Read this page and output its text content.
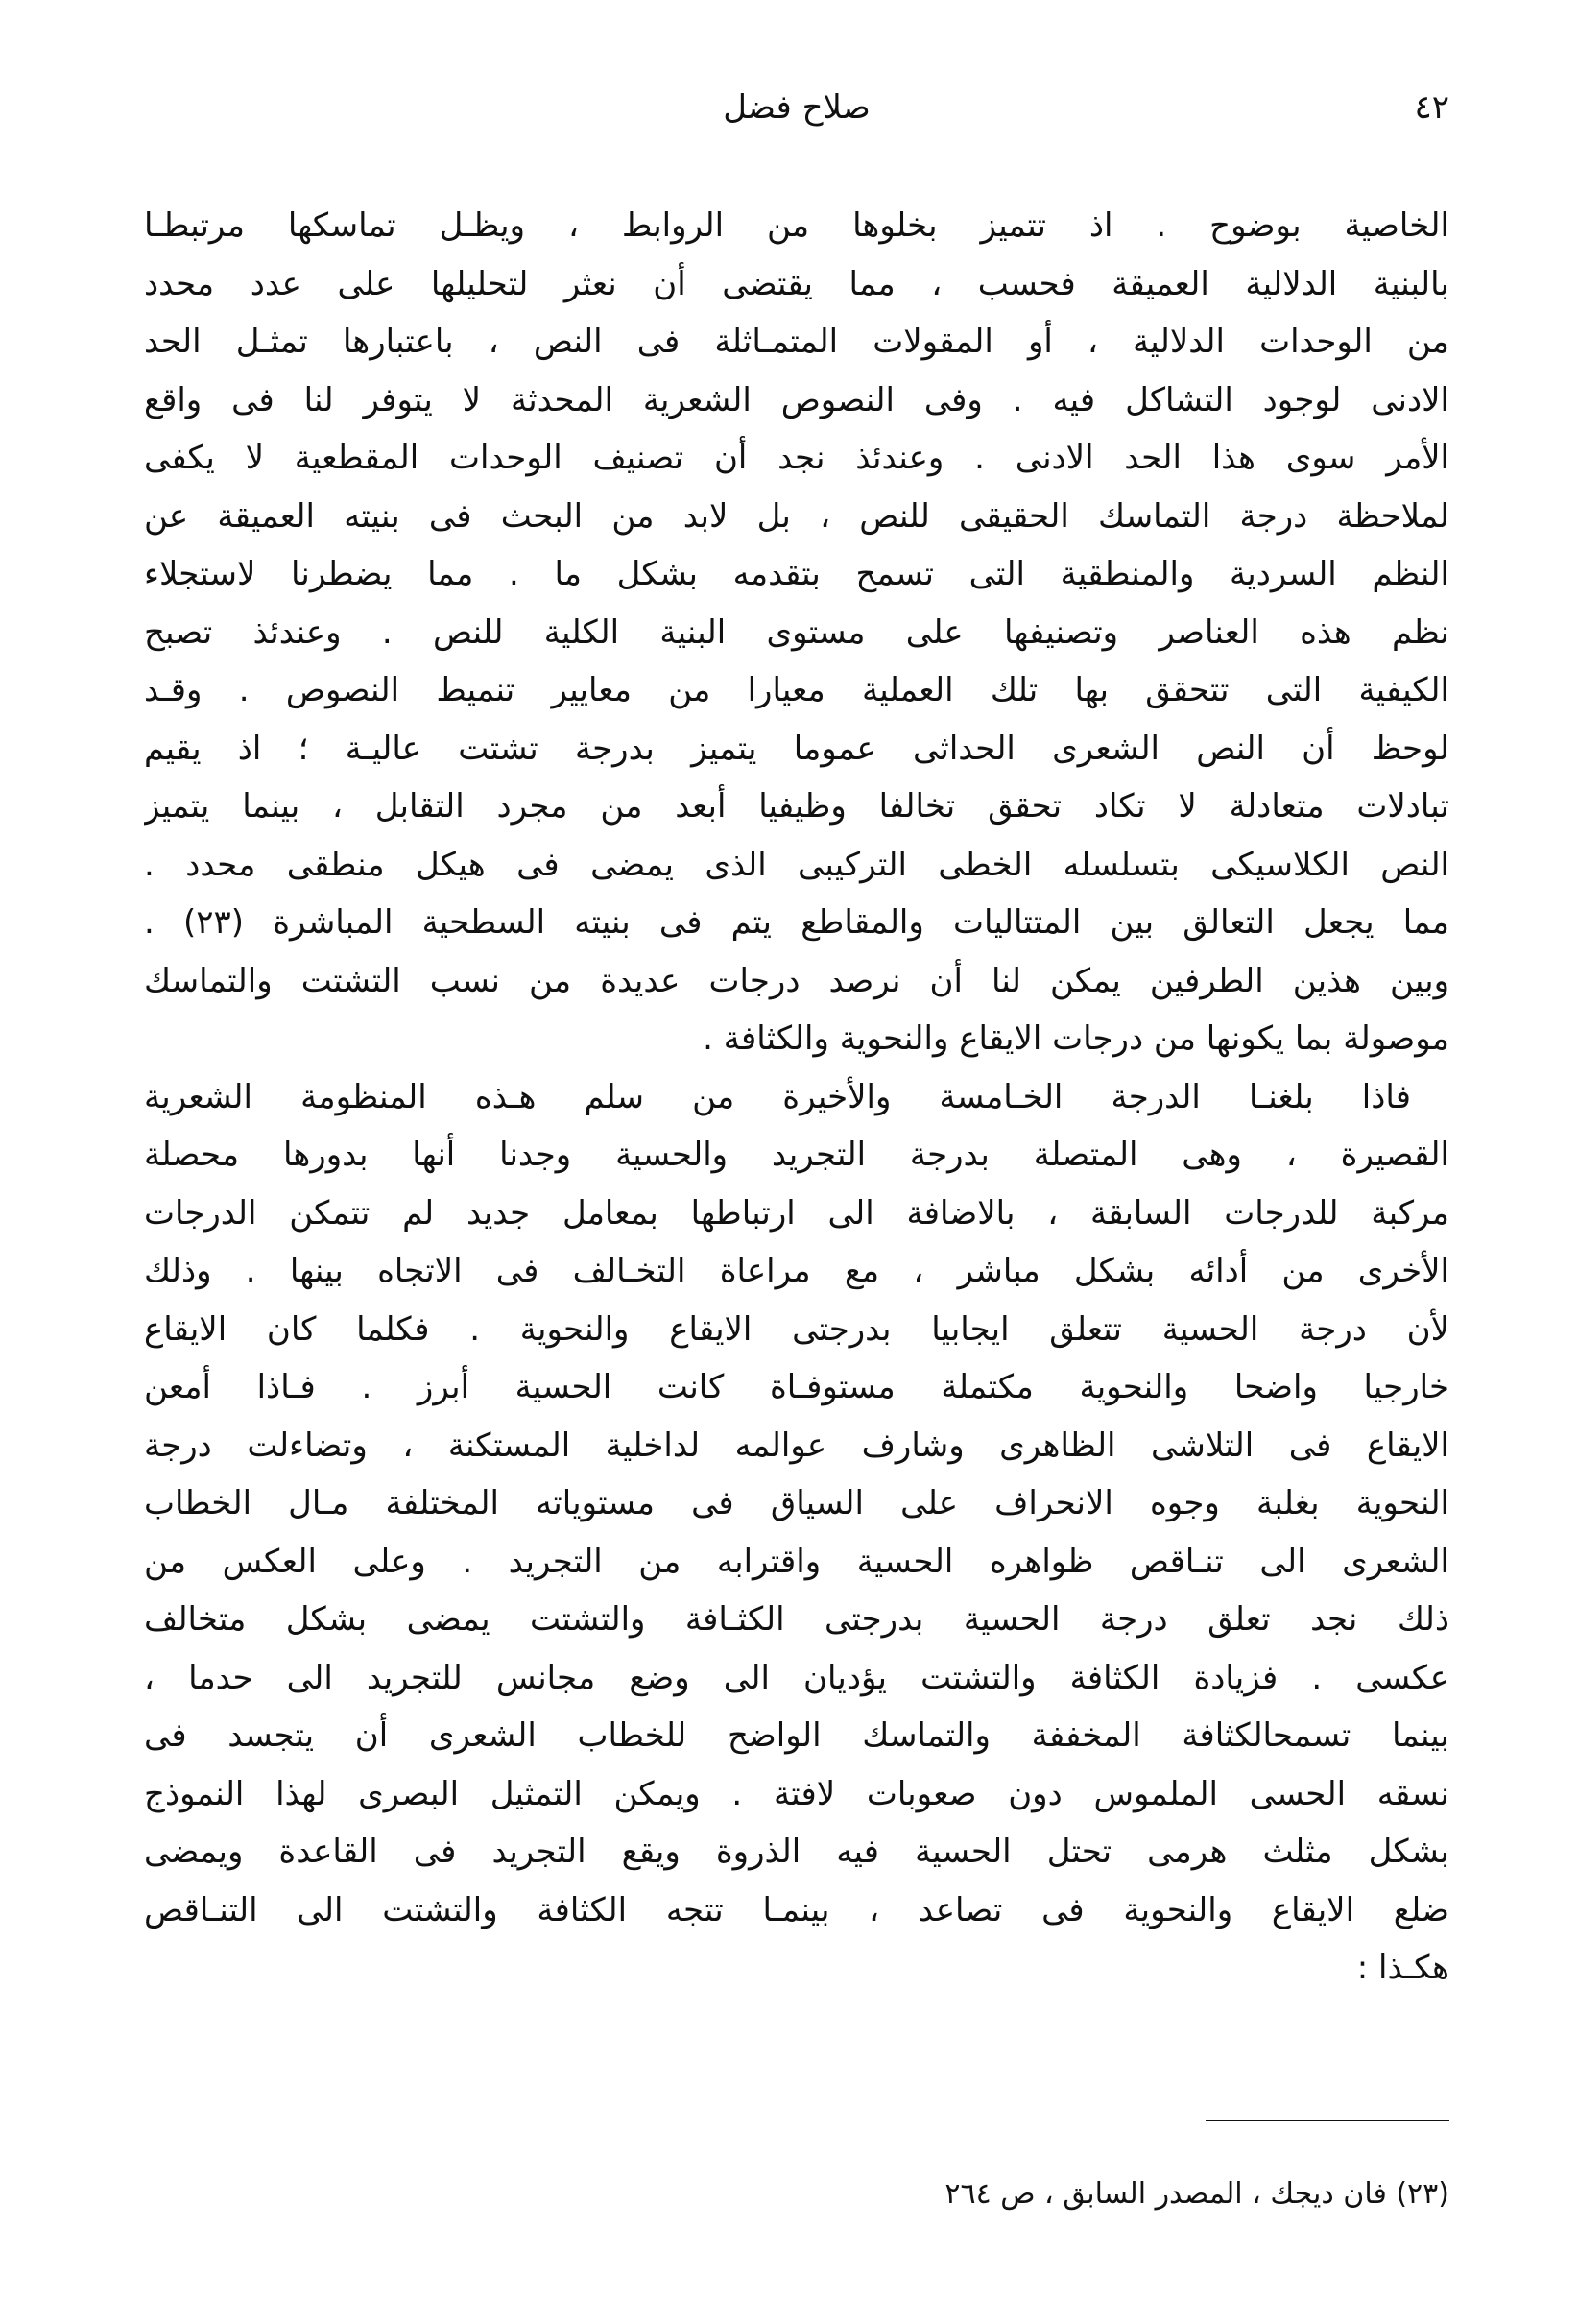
٤٢
صلاح فضل
الخاصية بوضوح . اذ تتميز بخلوها من الروابط ، ويظـل تماسكها مرتبطـا
بالبنية الدلالية العميقة فحسب ، مما يقتضى أن نعثر لتحليلها على عدد محدد
من الوحدات الدلالية ، أو المقولات المتمـاثلة فى النص ، باعتبارها تمثـل الحد
الادنى لوجود التشاكل فيه . وفى النصوص الشعرية المحدثة لا يتوفر لنا فى واقع
الأمر سوى هذا الحد الادنى . وعندئذ نجد أن تصنيف الوحدات المقطعية لا يكفى
لملاحظة درجة التماسك الحقيقى للنص ، بل لابد من البحث فى بنيته العميقة عن
النظم السردية والمنطقية التى تسمح بتقدمه بشكل ما . مما يضطرنا لاستجلاء
نظم هذه العناصر وتصنيفها على مستوى البنية الكلية للنص . وعندئذ تصبح
الكيفية التى تتحقق بها تلك العملية معيارا من معايير تنميط النصوص . وقـد
لوحظ أن النص الشعرى الحداثى عموما يتميز بدرجة تشتت عاليـة ؛ اذ يقيم
تبادلات متعادلة لا تكاد تحقق تخالفا وظيفيا أبعد من مجرد التقابل ، بينما يتميز
النص الكلاسيكى بتسلسله الخطى التركيبى الذى يمضى فى هيكل منطقى محدد .
مما يجعل التعالق بين المتتاليات والمقاطع يتم فى بنيته السطحية المباشرة (٢٣) .
وبين هذين الطرفين يمكن لنا أن نرصد درجات عديدة من نسب التشتت والتماسك
موصولة بما يكونها من درجات الايقاع والنحوية والكثافة .
فاذا بلغنـا الدرجة الخـامسة والأخيرة من سلم هـذه المنظومة الشعرية
القصيرة ، وهى المتصلة بدرجة التجريد والحسية وجدنا أنها بدورها محصلة
مركبة للدرجات السابقة ، بالاضافة الى ارتباطها بمعامل جديد لم تتمكن الدرجات
الأخرى من أدائه بشكل مباشر ، مع مراعاة التخـالف فى الاتجاه بينها . وذلك
لأن درجة الحسية تتعلق ايجابيا بدرجتى الايقاع والنحوية . فكلما كان الايقاع
خارجيا واضحا والنحوية مكتملة مستوفـاة كانت الحسية أبرز . فـاذا أمعن
الايقاع فى التلاشى الظاهرى وشارف عوالمه لداخلية المستكنة ، وتضاءلت درجة
النحوية بغلبة وجوه الانحراف على السياق فى مستوياته المختلفة مـال الخطاب
الشعرى الى تنـاقص ظواهره الحسية واقترابه من التجريد . وعلى العكس من
ذلك نجد تعلق درجة الحسية بدرجتى الكثـافة والتشتت يمضى بشكل متخالف
عكسى . فزيادة الكثافة والتشتت يؤديان الى وضع مجانس للتجريد الى حدما ،
بينما تسمحالكثافة المخففة والتماسك الواضح للخطاب الشعرى أن يتجسد فى
نسقه الحسى الملموس دون صعوبات لافتة . ويمكن التمثيل البصرى لهذا النموذج
بشكل مثلث هرمى تحتل الحسية فيه الذروة ويقع التجريد فى القاعدة ويمضى
ضلع الايقاع والنحوية فى تصاعد ، بينمـا تتجه الكثافة والتشتت الى التنـاقص
هكـذا :
(٢٣) فان ديجك ، المصدر السابق ، ص ٢٦٤
